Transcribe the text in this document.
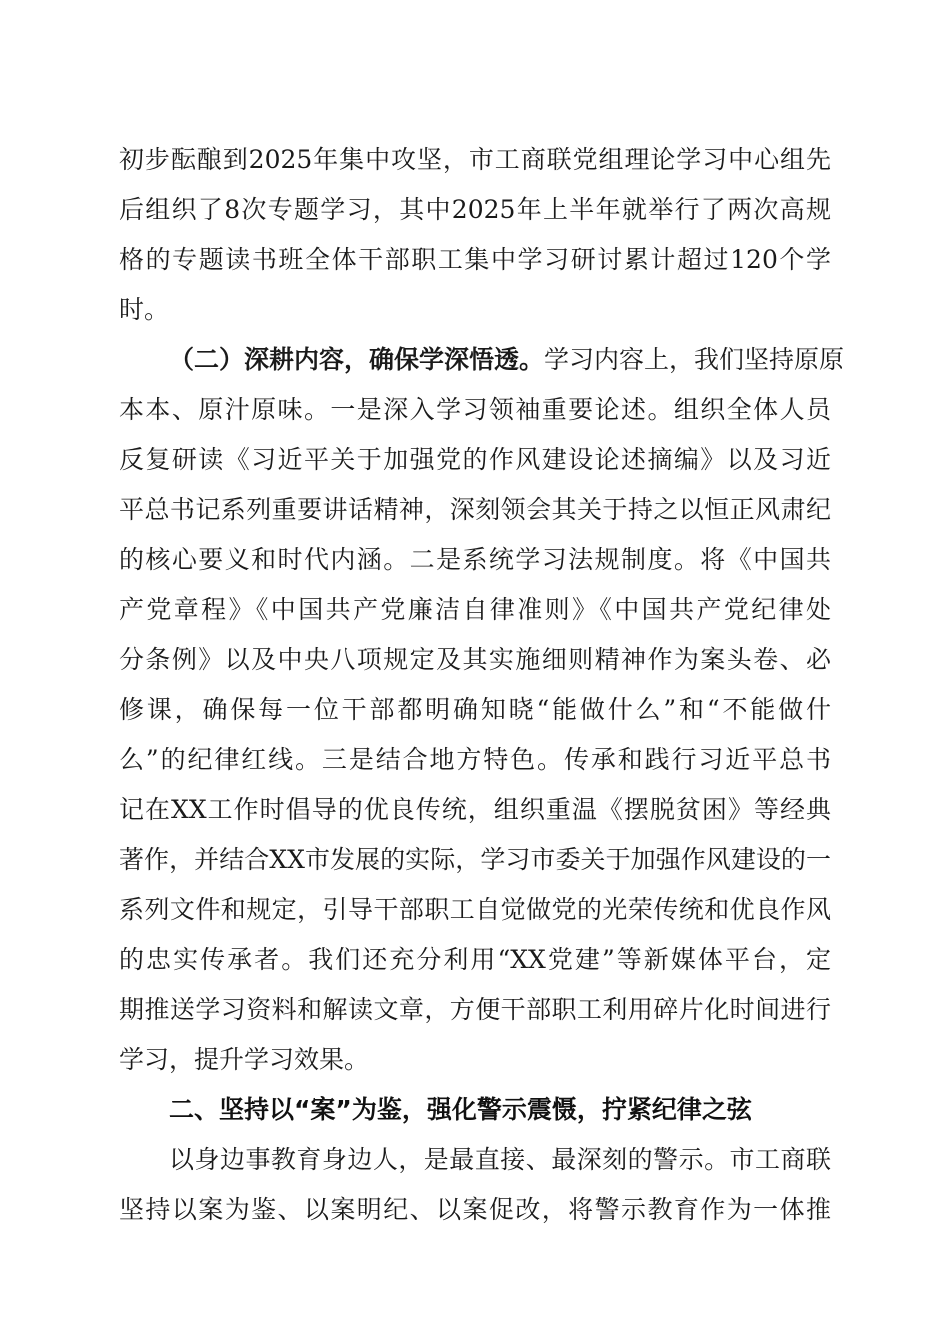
初步酝酿到2025年集中攻坚，市工商联党组理论学习中心组先
后组织了8次专题学习，其中2025年上半年就举行了两次高规
格的专题读书班全体干部职工集中学习研讨累计超过120个学
时。
（二）深耕内容，确保学深悟透。学习内容上，我们坚持原原
本本、原汁原味。一是深入学习领袖重要论述。组织全体人员
反复研读《习近平关于加强党的作风建设论述摘编》以及习近
平总书记系列重要讲话精神，深刻领会其关于持之以恒正风肃纪
的核心要义和时代内涵。二是系统学习法规制度。将《中国共
产党章程》《中国共产党廉洁自律准则》《中国共产党纪律处
分条例》以及中央八项规定及其实施细则精神作为案头卷、必
修课，确保每一位干部都明确知晓“能做什么”和“不能做什
么”的纪律红线。三是结合地方特色。传承和践行习近平总书
记在XX工作时倡导的优良传统，组织重温《摆脱贫困》等经典
著作，并结合XX市发展的实际，学习市委关于加强作风建设的一
系列文件和规定，引导干部职工自觉做党的光荣传统和优良作风
的忠实传承者。我们还充分利用“XX党建”等新媒体平台，定
期推送学习资料和解读文章，方便干部职工利用碎片化时间进行
学习，提升学习效果。
二、坚持以“案”为鉴，强化警示震慑，拧紧纪律之弦
以身边事教育身边人，是最直接、最深刻的警示。市工商联
坚持以案为鉴、以案明纪、以案促改，将警示教育作为一体推
